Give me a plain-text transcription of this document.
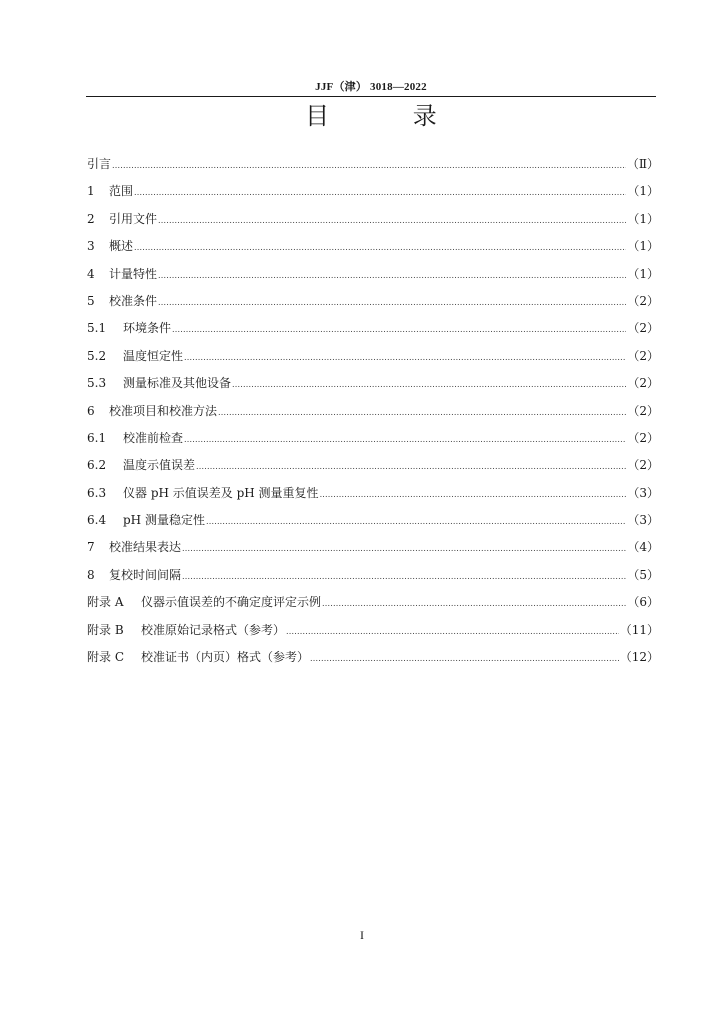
JJF（津） 3018—2022
目 录
引言 .....	（Ⅱ）
1 范围 .....	（1）
2 引用文件 .....	（1）
3 概述 .....	（1）
4 计量特性 .....	（1）
5 校准条件 .....	（2）
5.1 环境条件 .....	（2）
5.2 温度恒定性 .....	（2）
5.3 测量标准及其他设备 .....	（2）
6 校准项目和校准方法 .....	（2）
6.1 校准前检查 .....	（2）
6.2 温度示值误差 .....	（2）
6.3 仪器 pH 示值误差及 pH 测量重复性 .....	（3）
6.4 pH 测量稳定性 .....	（3）
7 校准结果表达 .....	（4）
8 复校时间间隔 .....	（5）
附录 A 仪器示值误差的不确定度评定示例 .....	（6）
附录 B 校准原始记录格式（参考） .....	（11）
附录 C 校准证书（内页）格式（参考） .....	（12）
I
